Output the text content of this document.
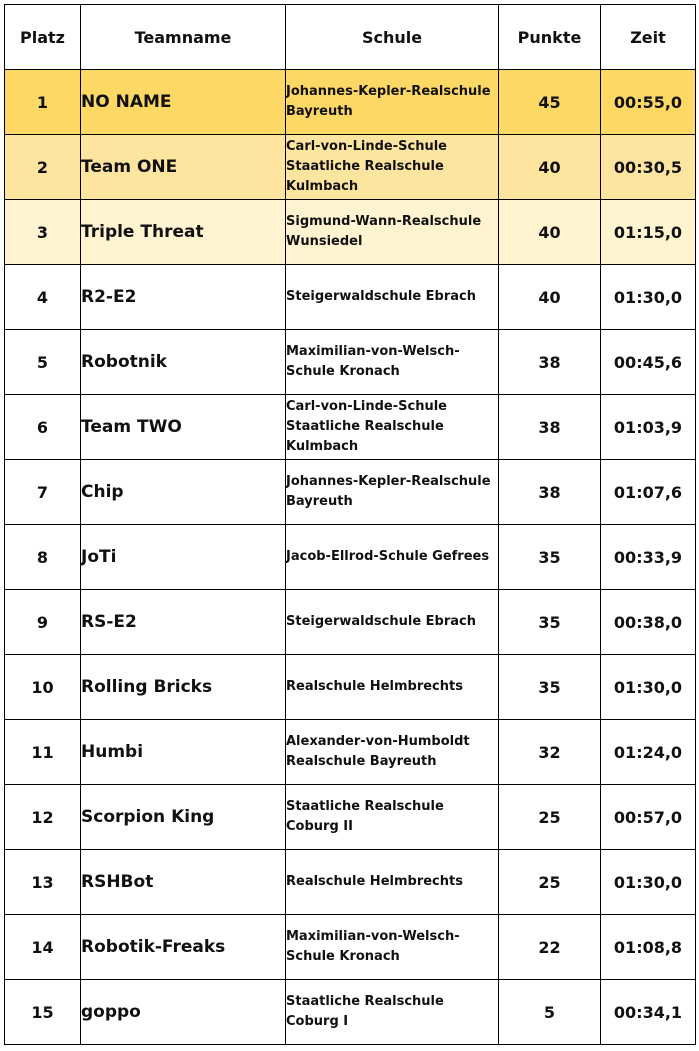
Platz	Teamname	Schule	Punkte	Zeit
1	NO NAME	Johannes-Kepler-Realschule
Bayreuth	45	00:55,0
2	Team ONE	Carl-von-Linde-Schule
Staatliche Realschule
Kulmbach	40	00:30,5
3	Triple Threat	Sigmund-Wann-Realschule
Wunsiedel	40	01:15,0
4	R2-E2	Steigerwaldschule Ebrach	40	01:30,0
5	Robotnik	Maximilian-von-Welsch-
Schule Kronach	38	00:45,6
6	Team TWO	Carl-von-Linde-Schule
Staatliche Realschule
Kulmbach	38	01:03,9
7	Chip	Johannes-Kepler-Realschule
Bayreuth	38	01:07,6
8	JoTi	Jacob-Ellrod-Schule Gefrees	35	00:33,9
9	RS-E2	Steigerwaldschule Ebrach	35	00:38,0
10	Rolling Bricks	Realschule Helmbrechts	35	01:30,0
11	Humbi	Alexander-von-Humboldt
Realschule Bayreuth	32	01:24,0
12	Scorpion King	Staatliche Realschule
Coburg II	25	00:57,0
13	RSHBot	Realschule Helmbrechts	25	01:30,0
14	Robotik-Freaks	Maximilian-von-Welsch-
Schule Kronach	22	01:08,8
15	goppo	Staatliche Realschule
Coburg I	5	00:34,1
